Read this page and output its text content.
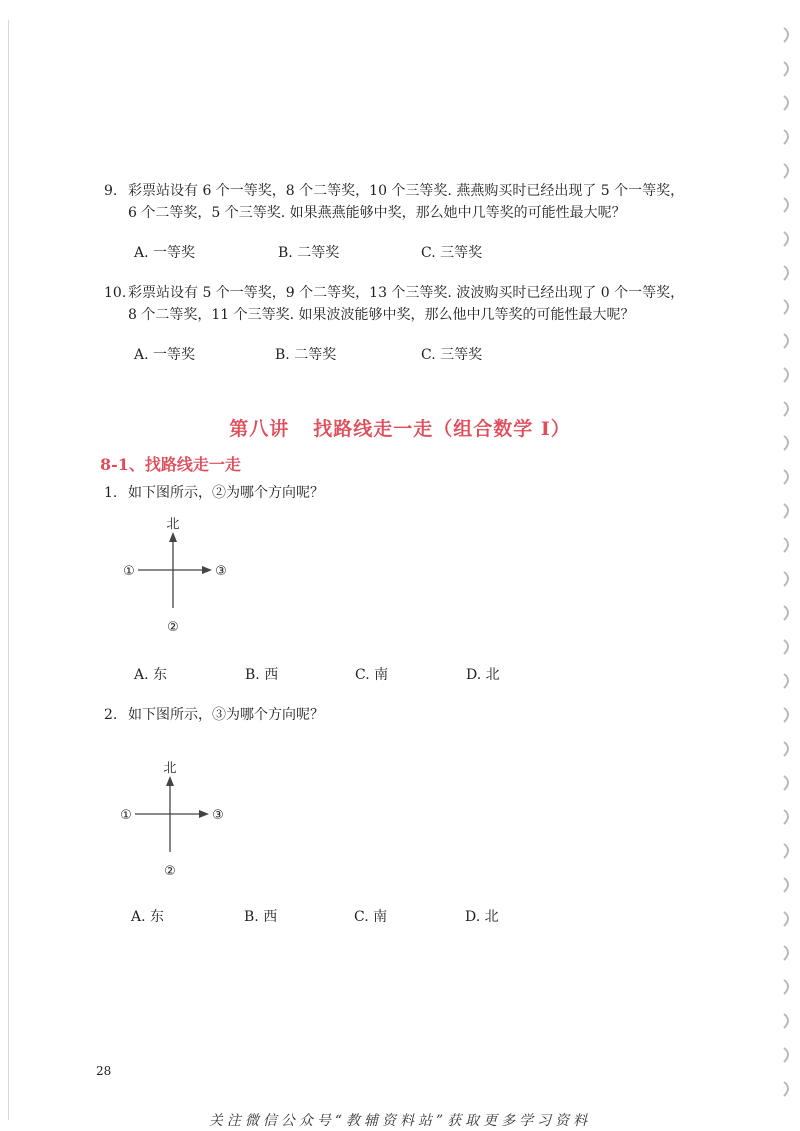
9. 彩票站设有 6 个一等奖，8 个二等奖，10 个三等奖. 燕燕购买时已经出现了 5 个一等奖，
6 个二等奖，5 个三等奖. 如果燕燕能够中奖，那么她中几等奖的可能性最大呢？
A. 一等奖	B. 二等奖	C. 三等奖
10. 彩票站设有 5 个一等奖，9 个二等奖，13 个三等奖. 波波购买时已经出现了 0 个一等奖，
8 个二等奖，11 个三等奖. 如果波波能够中奖，那么他中几等奖的可能性最大呢？
A. 一等奖	B. 二等奖	C. 三等奖
第八讲 找路线走一走（组合数学 I）
8-1、找路线走一走
1. 如下图所示，②为哪个方向呢？
北
①	③
②
A. 东	B. 西	C. 南	D. 北
2. 如下图所示，③为哪个方向呢？
北
①	③
②
A. 东	B. 西	C. 南	D. 北
28
关注微信公众号“教辅资料站”获取更多学习资料
